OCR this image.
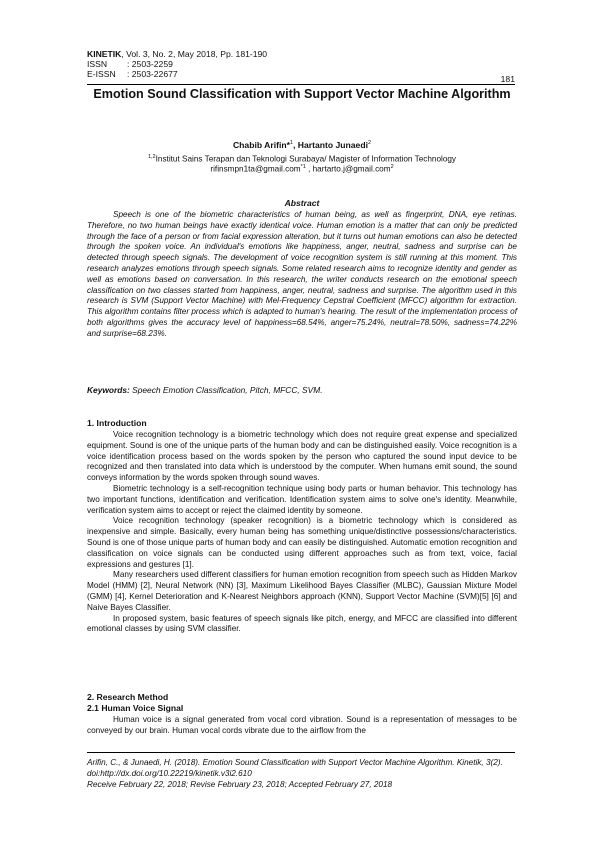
KINETIK, Vol. 3, No. 2, May 2018, Pp. 181-190
ISSN	: 2503-2259
E-ISSN	: 2503-22677	181
Emotion Sound Classification with Support Vector Machine Algorithm
Chabib Arifin*$^1$, Hartanto Junaedi$^2$
$^{1,2}$Institut Sains Terapan dan Teknologi Surabaya/ Magister of Information Technology
rifinsmpn1ta@gmail.com$^{*1}$ , hartarto.j@gmail.com$^2$
Abstract

Speech is one of the biometric characteristics of human being, as well as fingerprint, DNA, eye retinas. Therefore, no two human beings have exactly identical voice. Human emotion is a matter that can only be predicted through the face of a person or from facial expression alteration, but it turns out human emotions can also be detected through the spoken voice. An individual's emotions like happiness, anger, neutral, sadness and surprise can be detected through speech signals. The development of voice recognition system is still running at this moment. This research analyzes emotions through speech signals. Some related research aims to recognize identity and gender as well as emotions based on conversation. In this research, the writer conducts research on the emotional speech classification on two classes started from happiness, anger, neutral, sadness and surprise. The algorithm used in this research is SVM (Support Vector Machine) with Mel-Frequency Cepstral Coefficient (MFCC) algorithm for extraction. This algorithm contains filter process which is adapted to human's hearing. The result of the implementation process of both algorithms gives the accuracy level of happiness=68.54%, anger=75.24%, neutral=78.50%, sadness=74.22% and surprise=68.23%.

Keywords: Speech Emotion Classification, Pitch, MFCC, SVM.
1. Introduction

Voice recognition technology is a biometric technology which does not require great expense and specialized equipment. Sound is one of the unique parts of the human body and can be distinguished easily. Voice recognition is a voice identification process based on the words spoken by the person who captured the sound input device to be recognized and then translated into data which is understood by the computer. When humans emit sound, the sound conveys information by the words spoken through sound waves.

Biometric technology is a self-recognition technique using body parts or human behavior. This technology has two important functions, identification and verification. Identification system aims to solve one's identity. Meanwhile, verification system aims to accept or reject the claimed identity by someone.

Voice recognition technology (speaker recognition) is a biometric technology which is considered as inexpensive and simple. Basically, every human being has something unique/distinctive possessions/characteristics. Sound is one of those unique parts of human body and can easily be distinguished. Automatic emotion recognition and classification on voice signals can be conducted using different approaches such as from text, voice, facial expressions and gestures [1].

Many researchers used different classifiers for human emotion recognition from speech such as Hidden Markov Model (HMM) [2], Neural Network (NN) [3], Maximum Likelihood Bayes Classifier (MLBC), Gaussian Mixture Model (GMM) [4], Kernel Deterioration and K-Nearest Neighbors approach (KNN), Support Vector Machine (SVM)[5] [6] and Naive Bayes Classifier.

In proposed system, basic features of speech signals like pitch, energy, and MFCC are classified into different emotional classes by using SVM classifier.

2. Research Method
2.1 Human Voice Signal

Human voice is a signal generated from vocal cord vibration. Sound is a representation of messages to be conveyed by our brain. Human vocal cords vibrate due to the airflow from the

Arifin, C., & Junaedi, H. (2018). Emotion Sound Classification with Support Vector Machine Algorithm. Kinetik, 3(2). doi:http://dx.doi.org/10.22219/kinetik.v3i2.610
Receive February 22, 2018; Revise February 23, 2018; Accepted February 27, 2018
